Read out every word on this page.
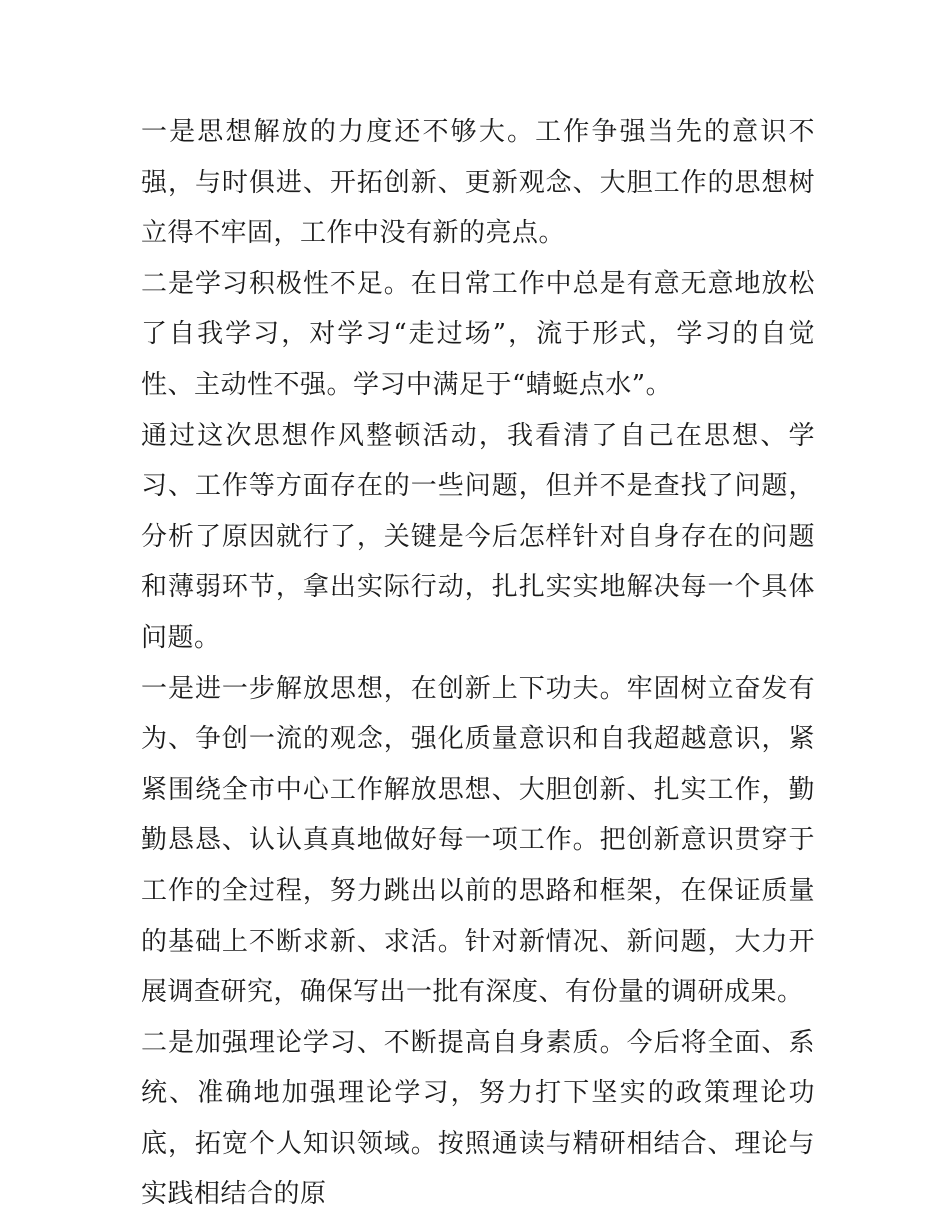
一是思想解放的力度还不够大。工作争强当先的意识不强，与时俱进、开拓创新、更新观念、大胆工作的思想树立得不牢固，工作中没有新的亮点。

二是学习积极性不足。在日常工作中总是有意无意地放松了自我学习，对学习“走过场”，流于形式，学习的自觉性、主动性不强。学习中满足于“蜻蜓点水”。

通过这次思想作风整顿活动，我看清了自己在思想、学习、工作等方面存在的一些问题，但并不是查找了问题，分析了原因就行了，关键是今后怎样针对自身存在的问题和薄弱环节，拿出实际行动，扎扎实实地解决每一个具体问题。

一是进一步解放思想，在创新上下功夫。牢固树立奋发有为、争创一流的观念，强化质量意识和自我超越意识，紧紧围绕全市中心工作解放思想、大胆创新、扎实工作，勤勤恳恳、认认真真地做好每一项工作。把创新意识贯穿于工作的全过程，努力跳出以前的思路和框架，在保证质量的基础上不断求新、求活。针对新情况、新问题，大力开展调查研究，确保写出一批有深度、有份量的调研成果。

二是加强理论学习、不断提高自身素质。今后将全面、系统、准确地加强理论学习，努力打下坚实的政策理论功底，拓宽个人知识领域。按照通读与精研相结合、理论与实践相结合的原
